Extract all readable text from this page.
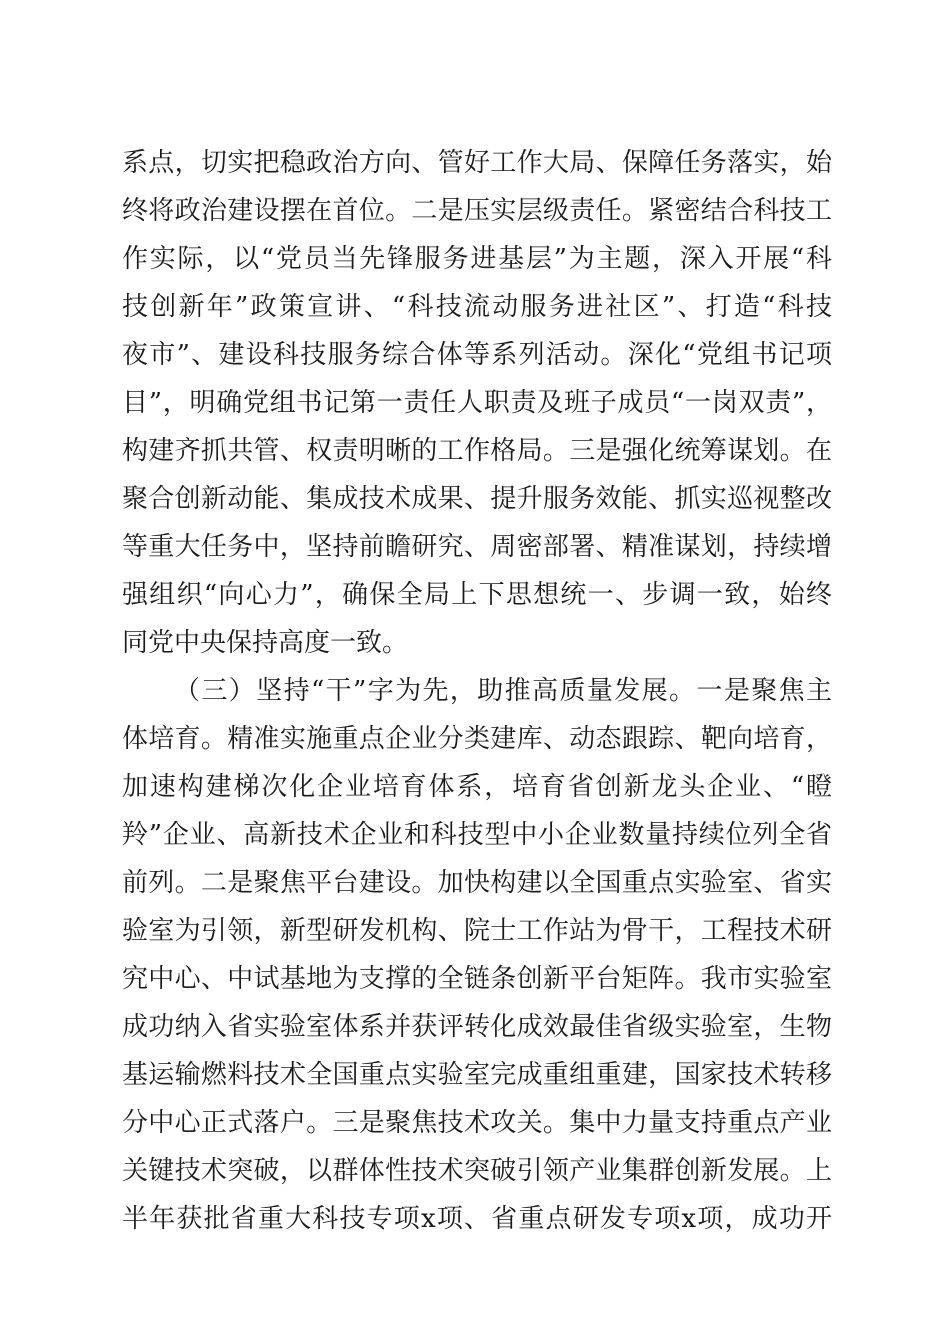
系点，切实把稳政治方向、管好工作大局、保障任务落实，始
终将政治建设摆在首位。二是压实层级责任。紧密结合科技工
作实际，以“党员当先锋服务进基层”为主题，深入开展“科
技创新年”政策宣讲、“科技流动服务进社区”、打造“科技
夜市”、建设科技服务综合体等系列活动。深化“党组书记项
目”，明确党组书记第一责任人职责及班子成员“一岗双责”，
构建齐抓共管、权责明晰的工作格局。三是强化统筹谋划。在
聚合创新动能、集成技术成果、提升服务效能、抓实巡视整改
等重大任务中，坚持前瞻研究、周密部署、精准谋划，持续增
强组织“向心力”，确保全局上下思想统一、步调一致，始终
同党中央保持高度一致。
（三）坚持“干”字为先，助推高质量发展。一是聚焦主
体培育。精准实施重点企业分类建库、动态跟踪、靶向培育，
加速构建梯次化企业培育体系，培育省创新龙头企业、“瞪
羚”企业、高新技术企业和科技型中小企业数量持续位列全省
前列。二是聚焦平台建设。加快构建以全国重点实验室、省实
验室为引领，新型研发机构、院士工作站为骨干，工程技术研
究中心、中试基地为支撑的全链条创新平台矩阵。我市实验室
成功纳入省实验室体系并获评转化成效最佳省级实验室，生物
基运输燃料技术全国重点实验室完成重组重建，国家技术转移
分中心正式落户。三是聚焦技术攻关。集中力量支持重点产业
关键技术突破，以群体性技术突破引领产业集群创新发展。上
半年获批省重大科技专项x项、省重点研发专项x项，成功开
